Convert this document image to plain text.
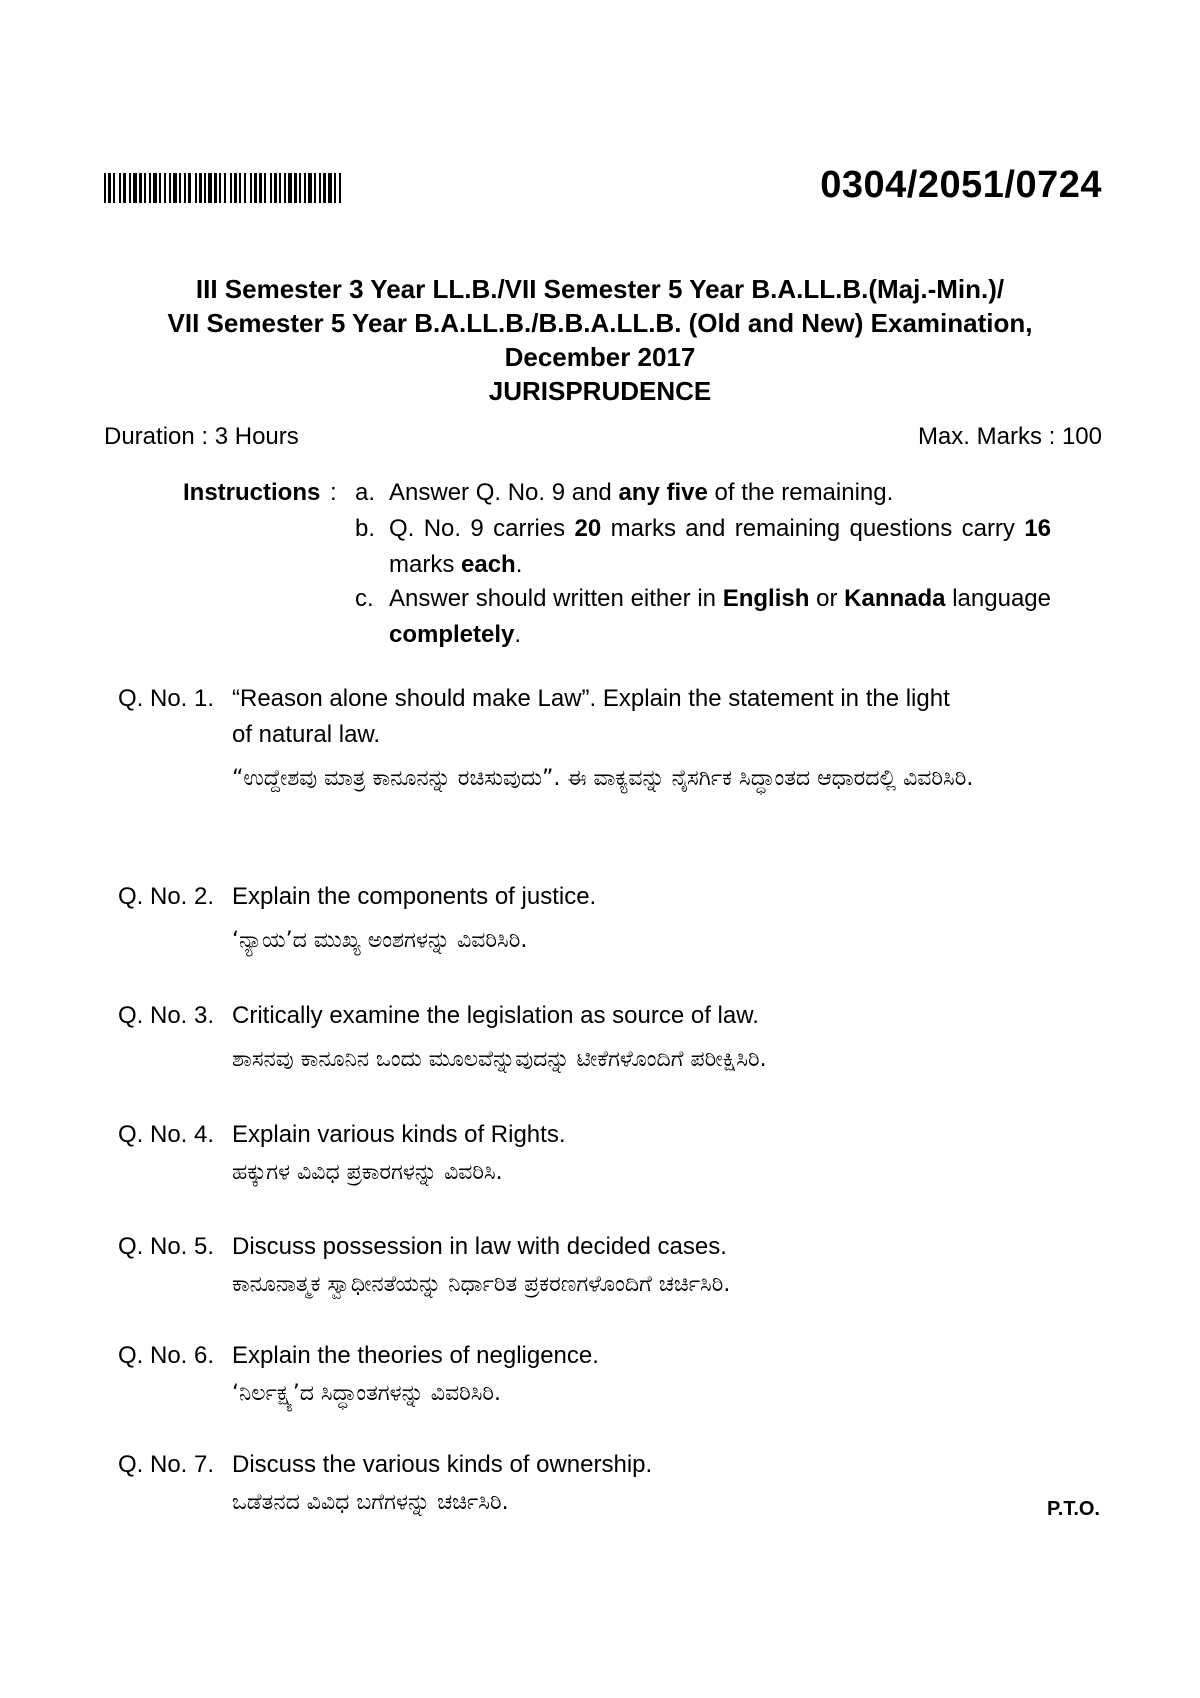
0304/2051/0724
III Semester 3 Year LL.B./VII Semester 5 Year B.A.LL.B.(Maj.-Min.)/
VII Semester 5 Year B.A.LL.B./B.B.A.LL.B. (Old and New) Examination,
December 2017
JURISPRUDENCE
Duration : 3 Hours	Max. Marks : 100
Instructions : a. Answer Q. No. 9 and any five of the remaining.
b. Q. No. 9 carries 20 marks and remaining questions carry 16 marks each.
c. Answer should written either in English or Kannada language completely.
Q. No. 1. “Reason alone should make Law”. Explain the statement in the light of natural law.
“ಉದ್ದೇಶವು ಮಾತ್ರ ಕಾನೂನನ್ನು ರಚಿಸುವುದು”. ಈ ವಾಕ್ಯವನ್ನು ನೈಸರ್ಗಿಕ ಸಿದ್ಧಾಂತದ ಆಧಾರದಲ್ಲಿ ವಿವರಿಸಿರಿ.
Q. No. 2. Explain the components of justice.
‘ನ್ಯಾಯ’ದ ಮುಖ್ಯ ಅಂಶಗಳನ್ನು ವಿವರಿಸಿರಿ.
Q. No. 3. Critically examine the legislation as source of law.
ಶಾಸನವು ಕಾನೂನಿನ ಒಂದು ಮೂಲವೆನ್ನುವುದನ್ನು ಟೀಕೆಗಳೊಂದಿಗೆ ಪರೀಕ್ಷಿಸಿರಿ.
Q. No. 4. Explain various kinds of Rights.
ಹಕ್ಕುಗಳ ವಿವಿಧ ಪ್ರಕಾರಗಳನ್ನು ವಿವರಿಸಿ.
Q. No. 5. Discuss possession in law with decided cases.
ಕಾನೂನಾತ್ಮಕ ಸ್ವಾಧೀನತೆಯನ್ನು ನಿರ್ಧಾರಿತ ಪ್ರಕರಣಗಳೊಂದಿಗೆ ಚರ್ಚಿಸಿರಿ.
Q. No. 6. Explain the theories of negligence.
‘ನಿರ್ಲಕ್ಷ್ಯ’ದ ಸಿದ್ಧಾಂತಗಳನ್ನು ವಿವರಿಸಿರಿ.
Q. No. 7. Discuss the various kinds of ownership.
ಒಡೆತನದ ವಿವಿಧ ಬಗೆಗಳನ್ನು ಚರ್ಚಿಸಿರಿ.	P.T.O.
